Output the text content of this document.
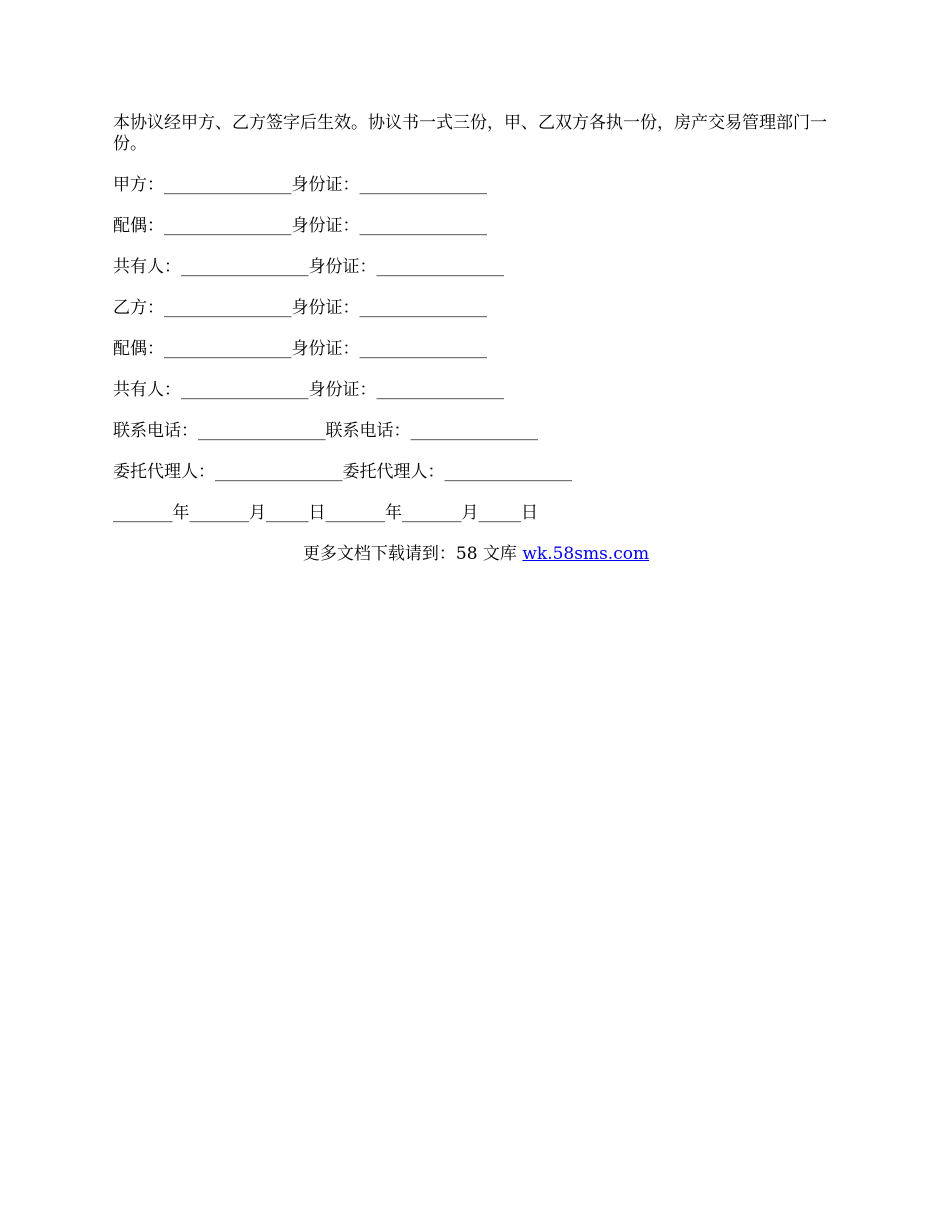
本协议经甲方、乙方签字后生效。协议书一式三份，甲、乙双方各执一份，房产交易管理部门一份。

甲方：_______________身份证：_______________

配偶：_______________身份证：_______________

共有人：_______________身份证：_______________

乙方：_______________身份证：_______________

配偶：_______________身份证：_______________

共有人：_______________身份证：_______________

联系电话：_______________联系电话：_______________

委托代理人：_______________委托代理人：_______________

_______年_______月_____日_______年_______月_____日

更多文档下载请到：58 文库 wk.58sms.com
